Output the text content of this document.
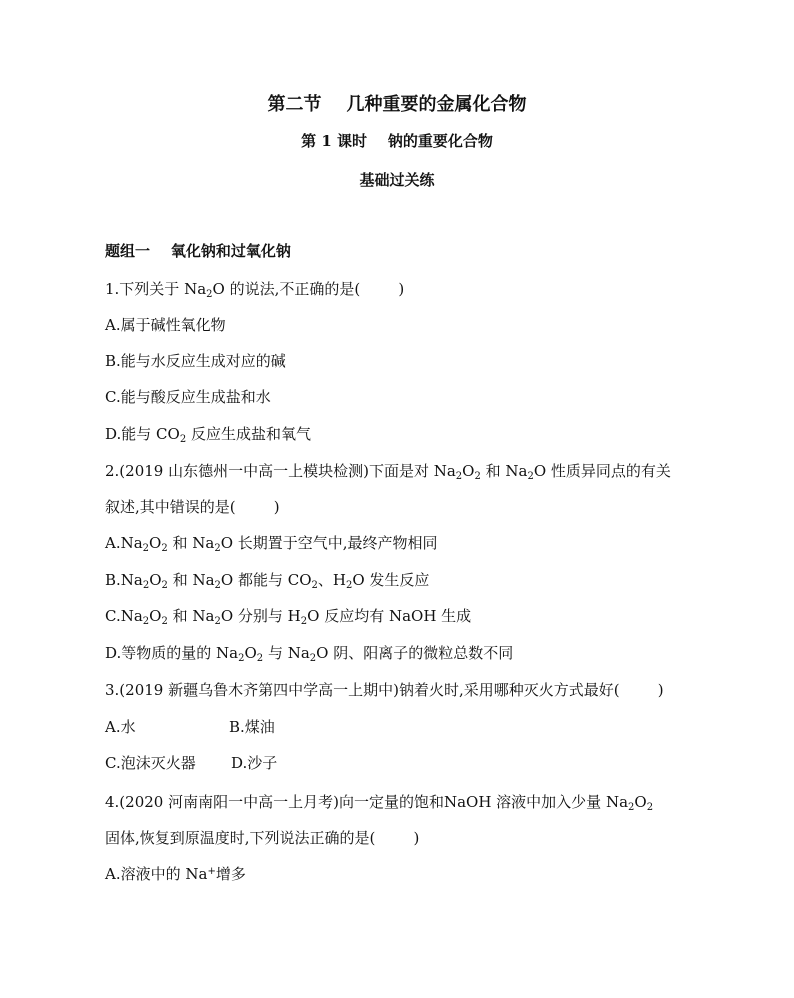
第二节    几种重要的金属化合物
第 1 课时    钠的重要化合物
基础过关练
题组一    氧化钠和过氧化钠
1.下列关于 $Na_2O$ 的说法,不正确的是(        )
A.属于碱性氧化物
B.能与水反应生成对应的碱
C.能与酸反应生成盐和水
D.能与 $CO_2$ 反应生成盐和氧气
2.(2019 山东德州一中高一上模块检测)下面是对 $Na_2O_2$ 和 $Na_2O$ 性质异同点的有关
叙述,其中错误的是(        )
$A.Na_2O_2$ 和 $Na_2O$ 长期置于空气中,最终产物相同
$B.Na_2O_2$ 和 $Na_2O$ 都能与 $CO_2$、$H_2O$ 发生反应
$C.Na_2O_2$ 和 $Na_2O$ 分别与 $H_2O$ 反应均有 NaOH 生成
D.等物质的量的 $Na_2O_2$ 与 $Na_2O$ 阴、阳离子的微粒总数不同
3.(2019 新疆乌鲁木齐第四中学高一上期中)钠着火时,采用哪种灭火方式最好(        )
A.水	B.煤油
C.泡沫灭火器 D.沙子
4.(2020 河南南阳一中高一上月考)向一定量的饱和NaOH 溶液中加入少量 $Na_2O_2$
固体,恢复到原温度时,下列说法正确的是(        )
A.溶液中的 Na+增多
